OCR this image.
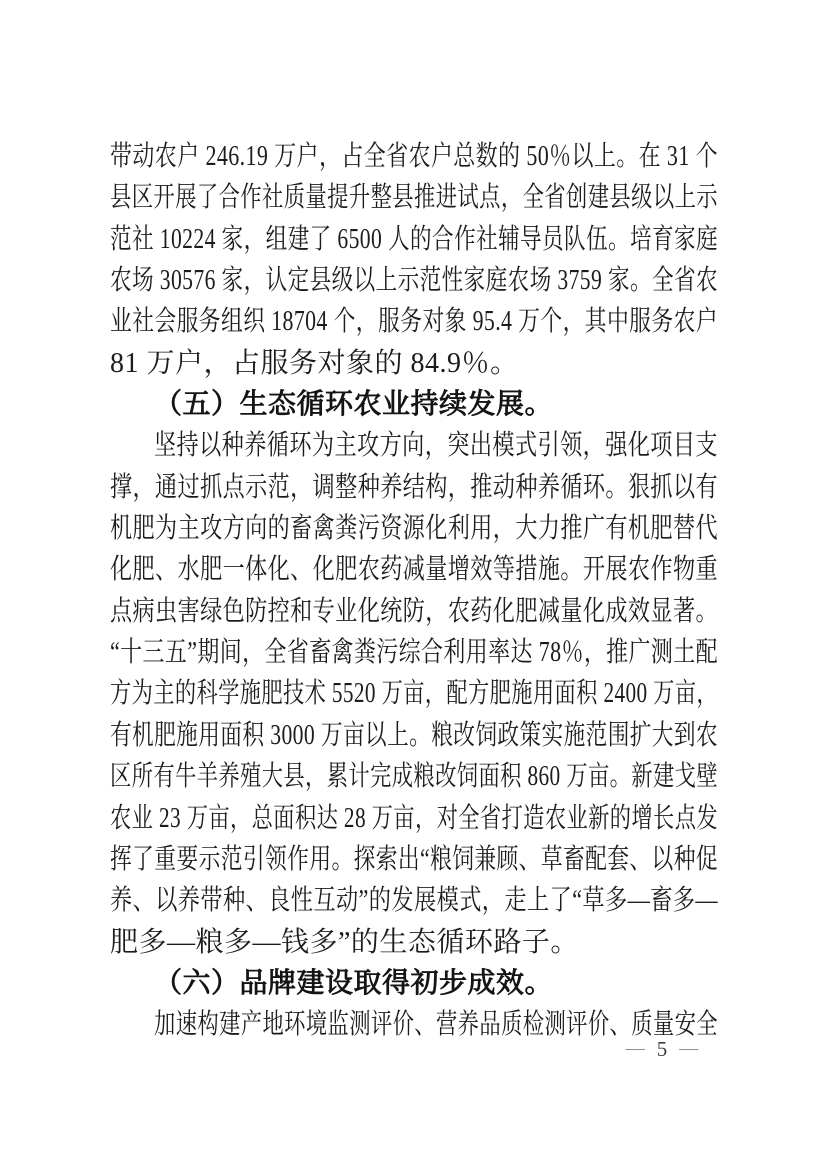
带动农户 246.19 万户，占全省农户总数的 50％以上。在 31 个
县区开展了合作社质量提升整县推进试点，全省创建县级以上示
范社 10224 家，组建了 6500 人的合作社辅导员队伍。培育家庭
农场 30576 家，认定县级以上示范性家庭农场 3759 家。全省农
业社会服务组织 18704 个，服务对象 95.4 万个，其中服务农户
81 万户，占服务对象的 84.9％。
（五）生态循环农业持续发展。
坚持以种养循环为主攻方向，突出模式引领，强化项目支
撑，通过抓点示范，调整种养结构，推动种养循环。狠抓以有
机肥为主攻方向的畜禽粪污资源化利用，大力推广有机肥替代
化肥、水肥一体化、化肥农药减量增效等措施。开展农作物重
点病虫害绿色防控和专业化统防，农药化肥减量化成效显著。
“十三五”期间，全省畜禽粪污综合利用率达 78％，推广测土配
方为主的科学施肥技术 5520 万亩，配方肥施用面积 2400 万亩，
有机肥施用面积 3000 万亩以上。粮改饲政策实施范围扩大到农
区所有牛羊养殖大县，累计完成粮改饲面积 860 万亩。新建戈壁
农业 23 万亩，总面积达 28 万亩，对全省打造农业新的增长点发
挥了重要示范引领作用。探索出“粮饲兼顾、草畜配套、以种促
养、以养带种、良性互动”的发展模式，走上了“草多—畜多—
肥多—粮多—钱多”的生态循环路子。
（六）品牌建设取得初步成效。
加速构建产地环境监测评价、营养品质检测评价、质量安全
— 5 —
